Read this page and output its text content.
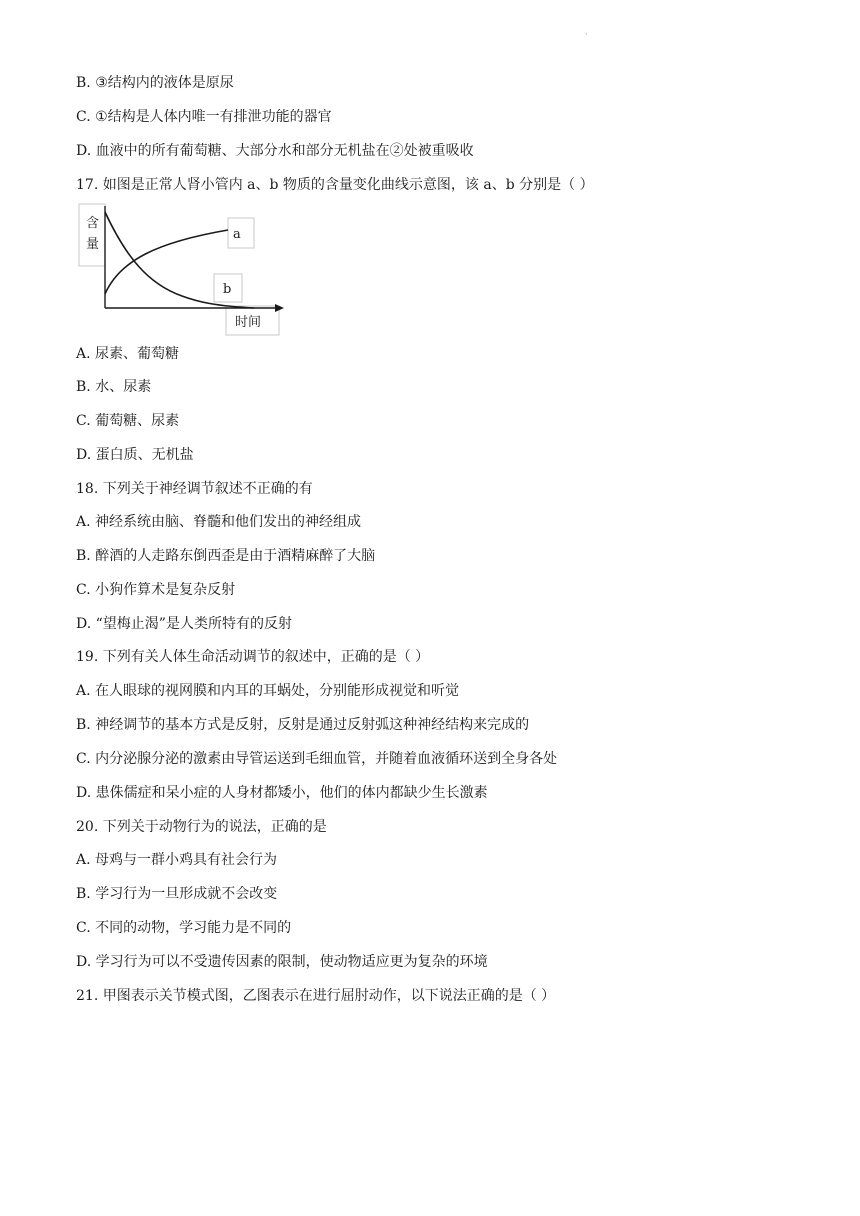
·
B. ③结构内的液体是原尿
C. ①结构是人体内唯一有排泄功能的器官
D. 血液中的所有葡萄糖、大部分水和部分无机盐在②处被重吸收
17. 如图是正常人肾小管内 a、b 物质的含量变化曲线示意图，该 a、b 分别是（ ）
含
量
a
b
时间
A. 尿素、葡萄糖
B. 水、尿素
C. 葡萄糖、尿素
D. 蛋白质、无机盐
18. 下列关于神经调节叙述不正确的有
A. 神经系统由脑、脊髓和他们发出的神经组成
B. 醉酒的人走路东倒西歪是由于酒精麻醉了大脑
C. 小狗作算术是复杂反射
D. “望梅止渴”是人类所特有的反射
19. 下列有关人体生命活动调节的叙述中，正确的是（ ）
A. 在人眼球的视网膜和内耳的耳蜗处，分别能形成视觉和听觉
B. 神经调节的基本方式是反射，反射是通过反射弧这种神经结构来完成的
C. 内分泌腺分泌的激素由导管运送到毛细血管，并随着血液循环送到全身各处
D. 患侏儒症和呆小症的人身材都矮小，他们的体内都缺少生长激素
20. 下列关于动物行为的说法，正确的是
A. 母鸡与一群小鸡具有社会行为
B. 学习行为一旦形成就不会改变
C. 不同的动物，学习能力是不同的
D. 学习行为可以不受遗传因素的限制，使动物适应更为复杂的环境
21. 甲图表示关节模式图，乙图表示在进行屈肘动作，以下说法正确的是（ ）
